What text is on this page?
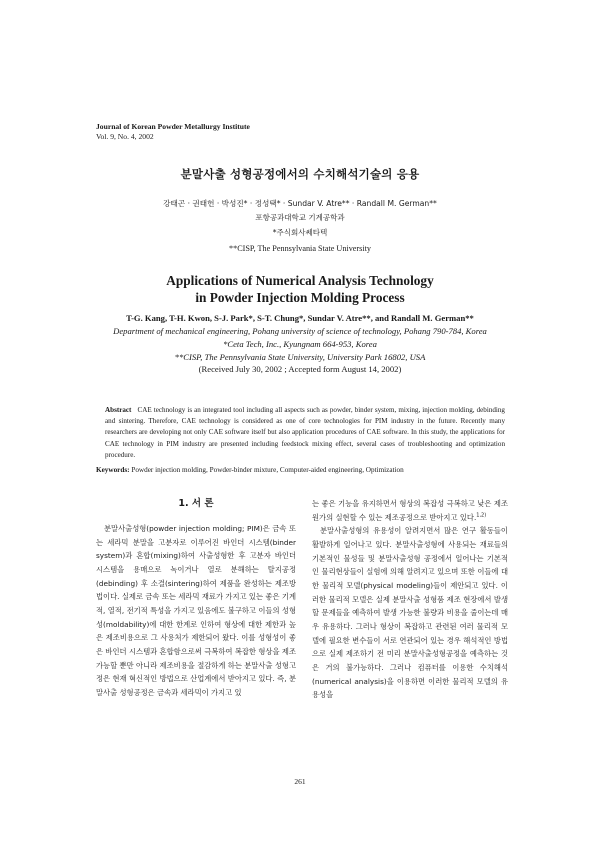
Journal of Korean Powder Metallurgy Institute
Vol. 9, No. 4, 2002
분말사출 성형공정에서의 수치해석기술의 응용
강태곤 · 권태헌 · 박성진* · 정성택* · Sundar V. Atre** · Randall M. German**
포항공과대학교 기계공학과
*주식회사쎄타텍
**CISP, The Pennsylvania State University
Applications of Numerical Analysis Technology
in Powder Injection Molding Process
T-G. Kang, T-H. Kwon, S-J. Park*, S-T. Chung*, Sundar V. Atre**, and Randall M. German**
Department of mechanical engineering, Pohang university of science of technology, Pohang 790-784, Korea
*Ceta Tech, Inc., Kyungnam 664-953, Korea
**CISP, The Pennsylvania State University, University Park 16802, USA
(Received July 30, 2002 ; Accepted form August 14, 2002)
Abstract CAE technology is an integrated tool including all aspects such as powder, binder system, mixing, injection molding, debinding and sintering. Therefore, CAE technology is considered as one of core technologies for PIM industry in the future. Recently many researchers are developing not only CAE software itself but also application procedures of CAE software. In this study, the applications for CAE technology in PIM industry are presented including feedstock mixing effect, several cases of troubleshooting and optimization procedure.
Keywords: Powder injection molding, Powder-binder mixture, Computer-aided engineering, Optimization
1. 서 론

분말사출성형(powder injection molding; PIM)은 금속 또는 세라믹 분말을 고분자로 이루어진 바인더 시스템(binder system)과 혼합(mixing)하여 사출성형한 후 고분자 바인더 시스템을 용매으로 녹이거나 열로 분해하는 탈지공정(debinding) 후 소결(sintering)하여 제품을 완성하는 제조방법이다. 실제로 금속 또는 세라믹 재료가 가지고 있는 좋은 기계적, 열적, 전기적 특성을 가지고 있음에도 불구하고 이들의 성형성(moldability)에 대한 한계로 인하여 형상에 대한 제한과 높은 제조비용으로 그 사용처가 제한되어 왔다. 이를 성형성이 좋은 바인더 시스템과 혼합함으로써 극복하여 복잡한 형상을 제조 가능할 뿐만 아니라 제조비용을 절감하게 하는 분말사출 성형고정은 현재 혁신적인 방법으로 산업계에서 받아지고 있다. 즉, 분말사출 성형공정은 금속과 세라믹이 가지고 있

는 좋은 기능을 유지하면서 형상의 복잡성 극복하고 낮은 제조원가의 실현할 수 있는 제조공정으로 받아지고 있다.$^{1,2)}$

분말사출성형의 유용성이 알려지면서 많은 연구 활동들이 활발하게 일어나고 있다. 분말사출성형에 사용되는 재료들의 기본적인 물성들 및 분말사출성형 공정에서 일어나는 기본적인 물리현상들이 실험에 의해 알려지고 있으며 또한 이들에 대한 물리적 모델(physical modeling)들이 제안되고 있다. 이러한 물리적 모델은 실제 분말사출 성형품 제조 현장에서 발생할 문제들을 예측하여 발생 가능한 불량과 비용을 줄이는데 매우 유용하다. 그러나 형상이 복잡하고 관련된 여러 물리적 모델에 필요한 변수들이 서로 연관되어 있는 경우 해석적인 방법으로 실제 제조하기 전 미리 분말사출성형공정을 예측하는 것은 거의 불가능하다. 그러나 컴퓨터를 이용한 수치해석(numerical analysis)을 이용하면 이러한 물리적 모델의 유용성을

261
